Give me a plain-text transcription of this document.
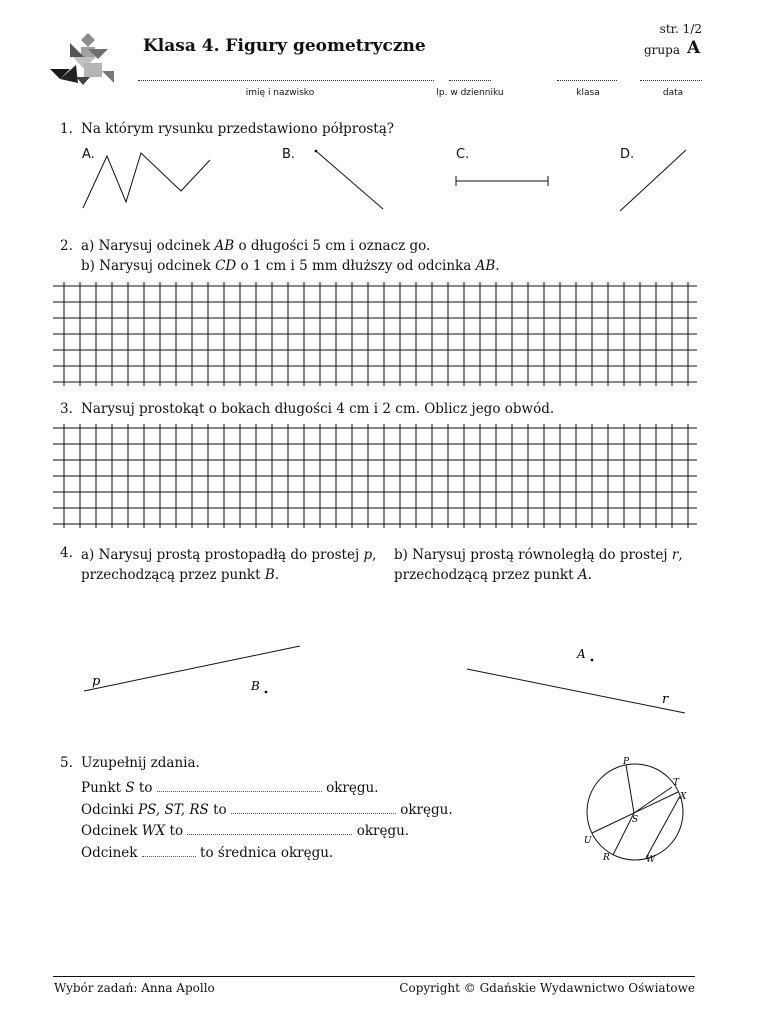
Klasa 4. Figury geometryczne
str. 1/2
grupa A
imię i nazwisko	lp. w dzienniku	klasa	data
1. Na którym rysunku przedstawiono półprostą?
A.	B.	C.	D.
2. a) Narysuj odcinek AB o długości 5 cm i oznacz go.
b) Narysuj odcinek CD o 1 cm i 5 mm dłuższy od odcinka AB.
3. Narysuj prostokąt o bokach długości 4 cm i 2 cm. Oblicz jego obwód.
4. a) Narysuj prostą prostopadłą do prostej p,
przechodzącą przez punkt B.
b) Narysuj prostą równoległą do prostej r,
przechodzącą przez punkt A.
p	B
A
r
5. Uzupełnij zdania.
Punkt S to	okręgu.
Odcinki PS, ST, RS to	okręgu.
Odcinek WX to	okręgu.
Odcinek	to średnica okręgu.
P
T
X
S
U
R	W
Wybór zadań: Anna Apollo	Copyright © Gdańskie Wydawnictwo Oświatowe
